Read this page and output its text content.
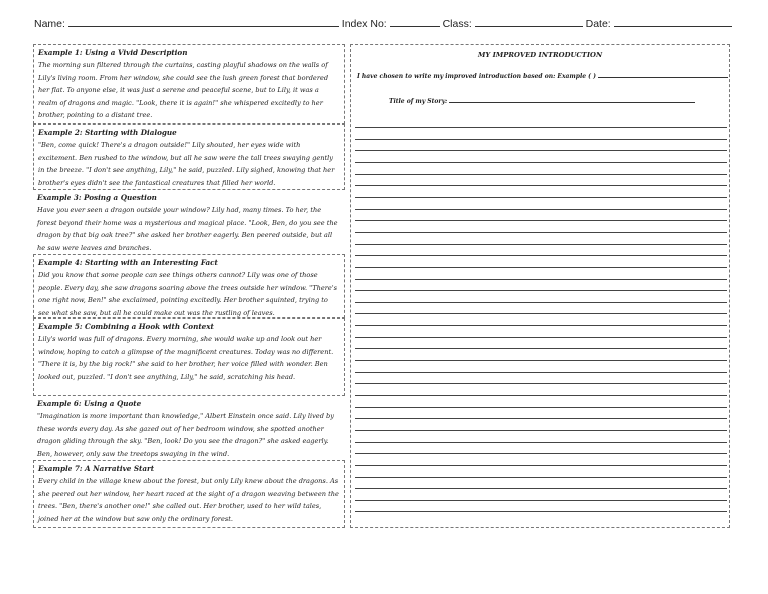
Name:	Index No:	Class:	Date:
Example 1: Using a Vivid Description
The morning sun filtered through the curtains, casting playful shadows on the walls of Lily's living room. From her window, she could see the lush green forest that bordered her flat. To anyone else, it was just a serene and peaceful scene, but to Lily, it was a realm of dragons and magic. "Look, there it is again!" she whispered excitedly to her brother, pointing to a distant tree.
Example 2: Starting with Dialogue
"Ben, come quick! There's a dragon outside!" Lily shouted, her eyes wide with excitement. Ben rushed to the window, but all he saw were the tall trees swaying gently in the breeze. "I don't see anything, Lily," he said, puzzled. Lily sighed, knowing that her brother's eyes didn't see the fantastical creatures that filled her world.
Example 3: Posing a Question
Have you ever seen a dragon outside your window? Lily had, many times. To her, the forest beyond their home was a mysterious and magical place. "Look, Ben, do you see the dragon by that big oak tree?" she asked her brother eagerly. Ben peered outside, but all he saw were leaves and branches.
Example 4: Starting with an Interesting Fact
Did you know that some people can see things others cannot? Lily was one of those people. Every day, she saw dragons soaring above the trees outside her window. "There's one right now, Ben!" she exclaimed, pointing excitedly. Her brother squinted, trying to see what she saw, but all he could make out was the rustling of leaves.
Example 5: Combining a Hook with Context
Lily's world was full of dragons. Every morning, she would wake up and look out her window, hoping to catch a glimpse of the magnificent creatures. Today was no different. "There it is, by the big rock!" she said to her brother, her voice filled with wonder. Ben looked out, puzzled. "I don't see anything, Lily," he said, scratching his head.
Example 6: Using a Quote
"Imagination is more important than knowledge," Albert Einstein once said. Lily lived by these words every day. As she gazed out of her bedroom window, she spotted another dragon gliding through the sky. "Ben, look! Do you see the dragon?" she asked eagerly. Ben, however, only saw the treetops swaying in the wind.
Example 7: A Narrative Start
Every child in the village knew about the forest, but only Lily knew about the dragons. As she peered out her window, her heart raced at the sight of a dragon weaving between the trees. "Ben, there's another one!" she called out. Her brother, used to her wild tales, joined her at the window but saw only the ordinary forest.
MY IMPROVED INTRODUCTION
I have chosen to write my improved introduction based on: Example ( )
Title of my Story:
